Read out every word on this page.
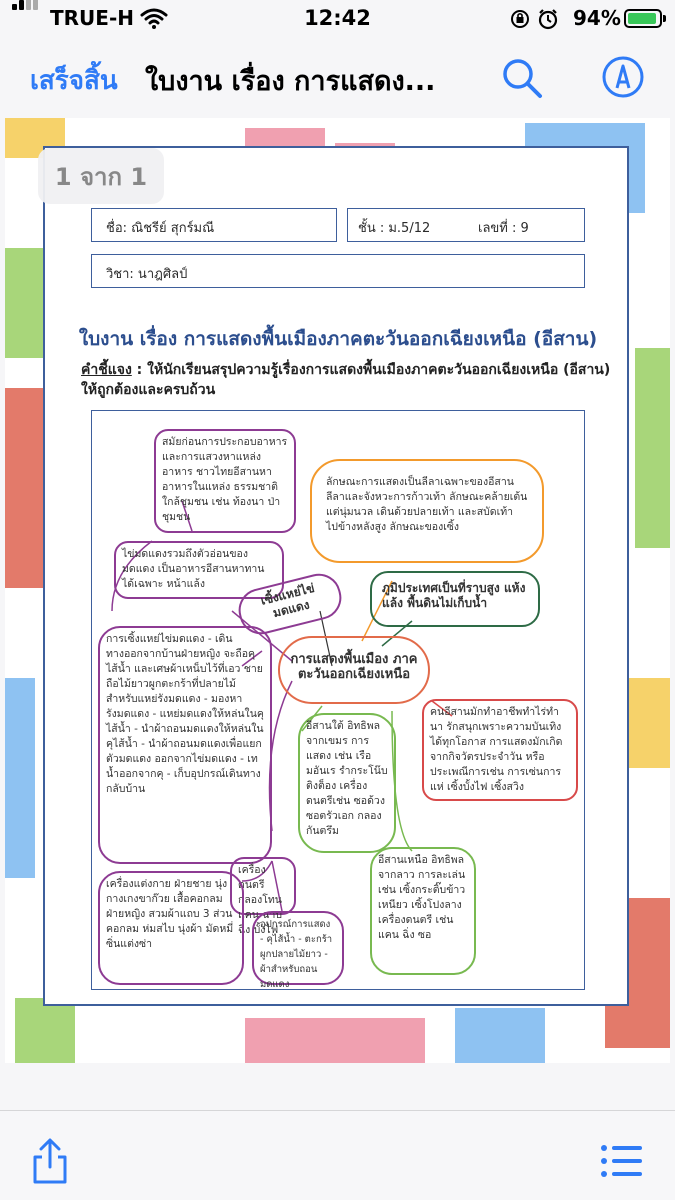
TRUE-H	12:42	94%
เสร็จสิ้น ใบงาน เรื่อง การแสดง...
ชื่อ: ณิชรีย์ สุกร์มณี	ชั้น : ม.5/12	เลขที่ : 9
วิชา: นาฎศิลป์
ใบงาน เรื่อง การแสดงพื้นเมืองภาคตะวันออกเฉียงเหนือ (อีสาน)
คำชี้แจง : ให้นักเรียนสรุปความรู้เรื่องการแสดงพื้นเมืองภาคตะวันออกเฉียงเหนือ (อีสาน) ให้ถูกต้องและครบถ้วน
สมัยก่อนการประกอบอาหาร และการแสวงหาแหล่งอาหาร ชาวไทยอีสานหาอาหารในแหล่ง ธรรมชาติ ใกล้ชุมชน เช่น ท้องนา ป่า ชุมชน
ไข่มดแดงรวมถึงตัวอ่อนของมดแดง เป็นอาหารอีสานหาทานได้เฉพาะ หน้าแล้ง	เซิ้งแหย่ไข่มดแดง
ลักษณะการแสดงเป็นลีลาเฉพาะของอีสาน ลีลาและจังหวะการก้าวเท้า ลักษณะคล้ายเต้น แต่นุ่มนวล เดินด้วยปลายเท้า และสบัดเท้า ไปข้างหลังสูง ลักษณะของเซิ้ง
ภูมิประเทศเป็นที่ราบสูง แห้งแล้ง พื้นดินไม่เก็บน้ำ
การแสดงพื้นเมือง ภาคตะวันออกเฉียงเหนือ
การเซิ้งแหย่ไข่มดแดง - เดินทางออกจากบ้านฝ่ายหญิง จะถือคุไส้น้ำ และเศษผ้าเหน็บไว้ที่เอว ชายถือไม้ยาวผูกตะกร้าที่ปลายไม้ สำหรับแหย่รังมดแดง - มองหารังมดแดง - แหย่มดแดงให้หล่นในคุไส้น้ำ - นำผ้าถอนมดแดงให้หล่นในคุไส้น้ำ - นำผ้าถอนมดแดงเพื่อแยกตัวมดแดง ออกจากไข่มดแดง - เทน้ำออกจากคุ - เก็บอุปกรณ์เดินทางกลับบ้าน
อีสานใต้ อิทธิพลจากเขมร การแสดง เช่น เรือมอันเร รำกระโน๊บติงต็อง เครื่องดนตรีเช่น ซอด้วง ซอตรัวเอก กลองกันตรึม
คนอีสานมักทำอาชีพทำไร่ทำนา รักสนุกเพราะความบันเทิงได้ทุกโอกาส การแสดงมักเกิดจากกิจวัตรประจำวัน หรือประเพณีการเช่น การเซ่นการแห่ เซิ้งบั้งไฟ เซิ้งสวิง
เครื่องดนตรี กลองโทน แคน ฉาบฉิ่ง บั้งไฟ
อีสานเหนือ อิทธิพลจากลาว การละเล่นเช่น เซิ้งกระติ๊บข้าวเหนียว เซิ้งโปงลาง เครื่องดนตรี เช่น แคน ฉิ่ง ซอ
เครื่องแต่งกาย ฝ่ายชาย นุ่งกางเกงขาก๊วย เสื้อคอกลม ฝ่ายหญิง สวมผ้าแถบ 3 ส่วน คอกลม ห่มสไบ นุ่งผ้า มัดหมี่ ซิ่นแต่งซ่า
อุปกรณ์การแสดง - คุไส้น้ำ - ตะกร้าผูกปลายไม้ยาว - ผ้าสำหรับถอนมดแดง
1 จาก 1
